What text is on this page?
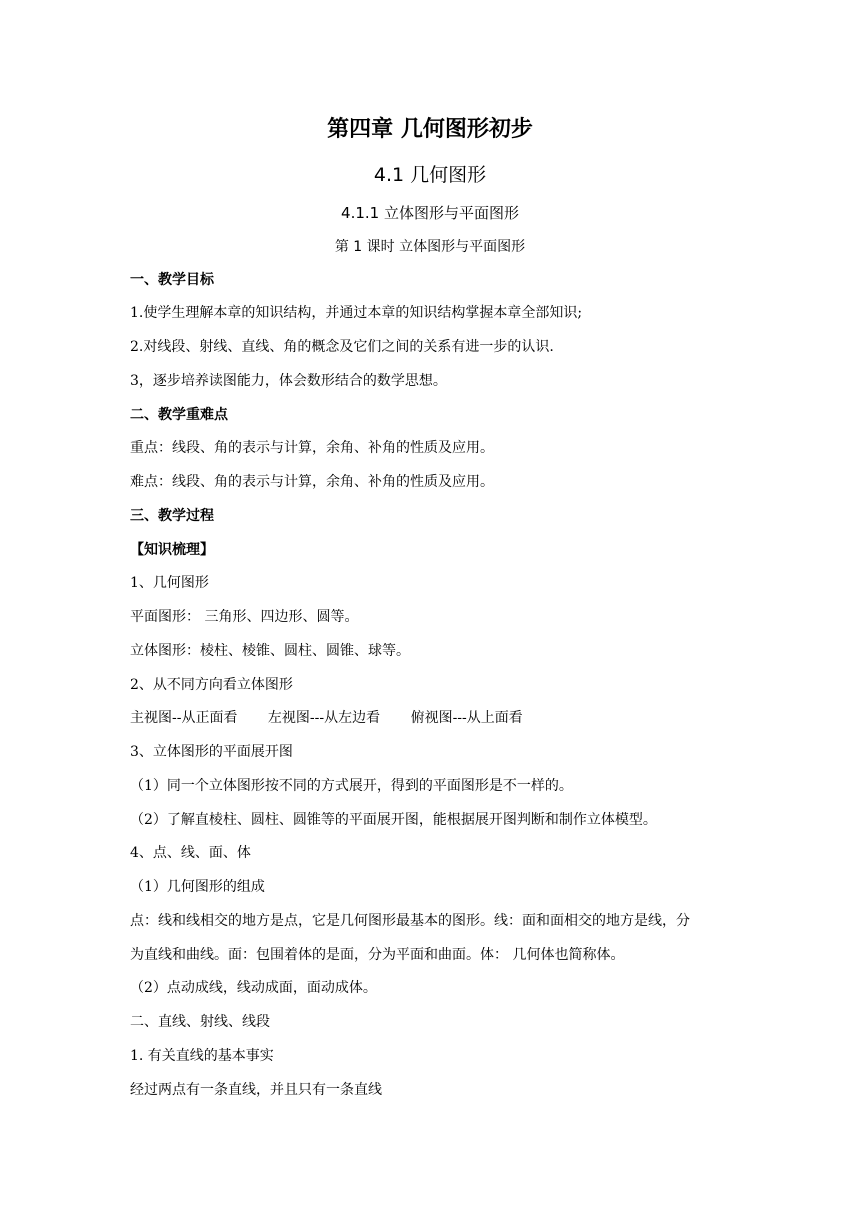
第四章 几何图形初步
4.1 几何图形
4.1.1 立体图形与平面图形
第 1 课时 立体图形与平面图形
一、教学目标
1.使学生理解本章的知识结构，并通过本章的知识结构掌握本章全部知识;
2.对线段、射线、直线、角的概念及它们之间的关系有进一步的认识.
3，逐步培养读图能力，体会数形结合的数学思想。
二、教学重难点
重点：线段、角的表示与计算，余角、补角的性质及应用。
难点：线段、角的表示与计算，余角、补角的性质及应用。
三、教学过程
【知识梳理】
1、几何图形
平面图形： 三角形、四边形、圆等。
立体图形：棱柱、棱锥、圆柱、圆锥、球等。
2、从不同方向看立体图形
主视图--从正面看 左视图---从左边看 俯视图---从上面看
3、立体图形的平面展开图
（1）同一个立体图形按不同的方式展开，得到的平面图形是不一样的。
（2）了解直棱柱、圆柱、圆锥等的平面展开图，能根据展开图判断和制作立体模型。
4、点、线、面、体
（1）几何图形的组成
点：线和线相交的地方是点，它是几何图形最基本的图形。线：面和面相交的地方是线，分
为直线和曲线。面：包围着体的是面，分为平面和曲面。体： 几何体也简称体。
（2）点动成线，线动成面，面动成体。
二、直线、射线、线段
1. 有关直线的基本事实
经过两点有一条直线，并且只有一条直线
